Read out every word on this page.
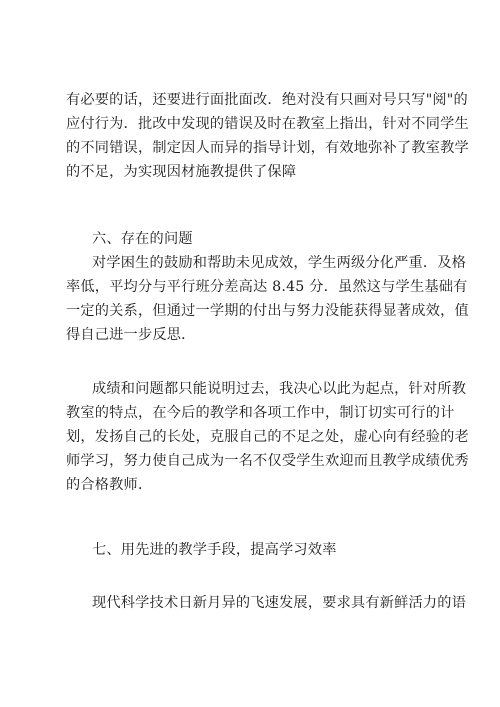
有必要的话，还要进行面批面改．绝对没有只画对号只写"阅"的
应付行为．批改中发现的错误及时在教室上指出，针对不同学生
的不同错误，制定因人而异的指导计划，有效地弥补了教室教学
的不足，为实现因材施教提供了保障
六、存在的问题
对学困生的鼓励和帮助未见成效，学生两级分化严重．及格
率低，平均分与平行班分差高达 8.45 分．虽然这与学生基础有
一定的关系，但通过一学期的付出与努力没能获得显著成效，值
得自己进一步反思．
成绩和问题都只能说明过去，我决心以此为起点，针对所教
教室的特点，在今后的教学和各项工作中，制订切实可行的计
划，发扬自己的长处，克服自己的不足之处，虚心向有经验的老
师学习，努力使自己成为一名不仅受学生欢迎而且教学成绩优秀
的合格教师．
七、用先进的教学手段，提高学习效率
现代科学技术日新月异的飞速发展，要求具有新鲜活力的语
